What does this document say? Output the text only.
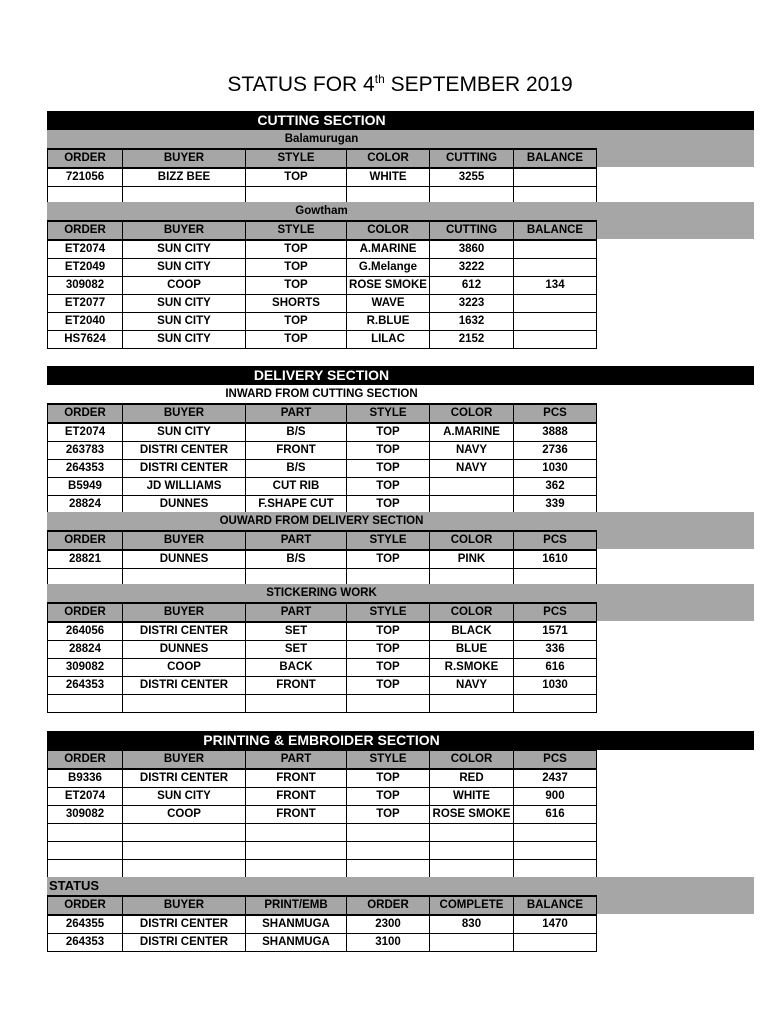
STATUS FOR 4th SEPTEMBER 2019
CUTTING SECTION
Balamurugan
ORDER	BUYER	STYLE	COLOR	CUTTING	BALANCE
721056	BIZZ BEE	TOP	WHITE	3255	

Gowtham
ORDER	BUYER	STYLE	COLOR	CUTTING	BALANCE
ET2074	SUN CITY	TOP	A.MARINE	3860	
ET2049	SUN CITY	TOP	G.Melange	3222	
309082	COOP	TOP	ROSE SMOKE	612	134
ET2077	SUN CITY	SHORTS	WAVE	3223	
ET2040	SUN CITY	TOP	R.BLUE	1632	
HS7624	SUN CITY	TOP	LILAC	2152	
DELIVERY SECTION
INWARD FROM CUTTING SECTION
ORDER	BUYER	PART	STYLE	COLOR	PCS
ET2074	SUN CITY	B/S	TOP	A.MARINE	3888
263783	DISTRI CENTER	FRONT	TOP	NAVY	2736
264353	DISTRI CENTER	B/S	TOP	NAVY	1030
B5949	JD WILLIAMS	CUT RIB	TOP		362
28824	DUNNES	F.SHAPE CUT	TOP		339
OUWARD FROM DELIVERY SECTION
ORDER	BUYER	PART	STYLE	COLOR	PCS
28821	DUNNES	B/S	TOP	PINK	1610

STICKERING WORK
ORDER	BUYER	PART	STYLE	COLOR	PCS
264056	DISTRI CENTER	SET	TOP	BLACK	1571
28824	DUNNES	SET	TOP	BLUE	336
309082	COOP	BACK	TOP	R.SMOKE	616
264353	DISTRI CENTER	FRONT	TOP	NAVY	1030

PRINTING & EMBROIDER SECTION
ORDER	BUYER	PART	STYLE	COLOR	PCS
B9336	DISTRI CENTER	FRONT	TOP	RED	2437
ET2074	SUN CITY	FRONT	TOP	WHITE	900
309082	COOP	FRONT	TOP	ROSE SMOKE	616

STATUS
ORDER	BUYER	PRINT/EMB	ORDER	COMPLETE	BALANCE
264355	DISTRI CENTER	SHANMUGA	2300	830	1470
264353	DISTRI CENTER	SHANMUGA	3100		
